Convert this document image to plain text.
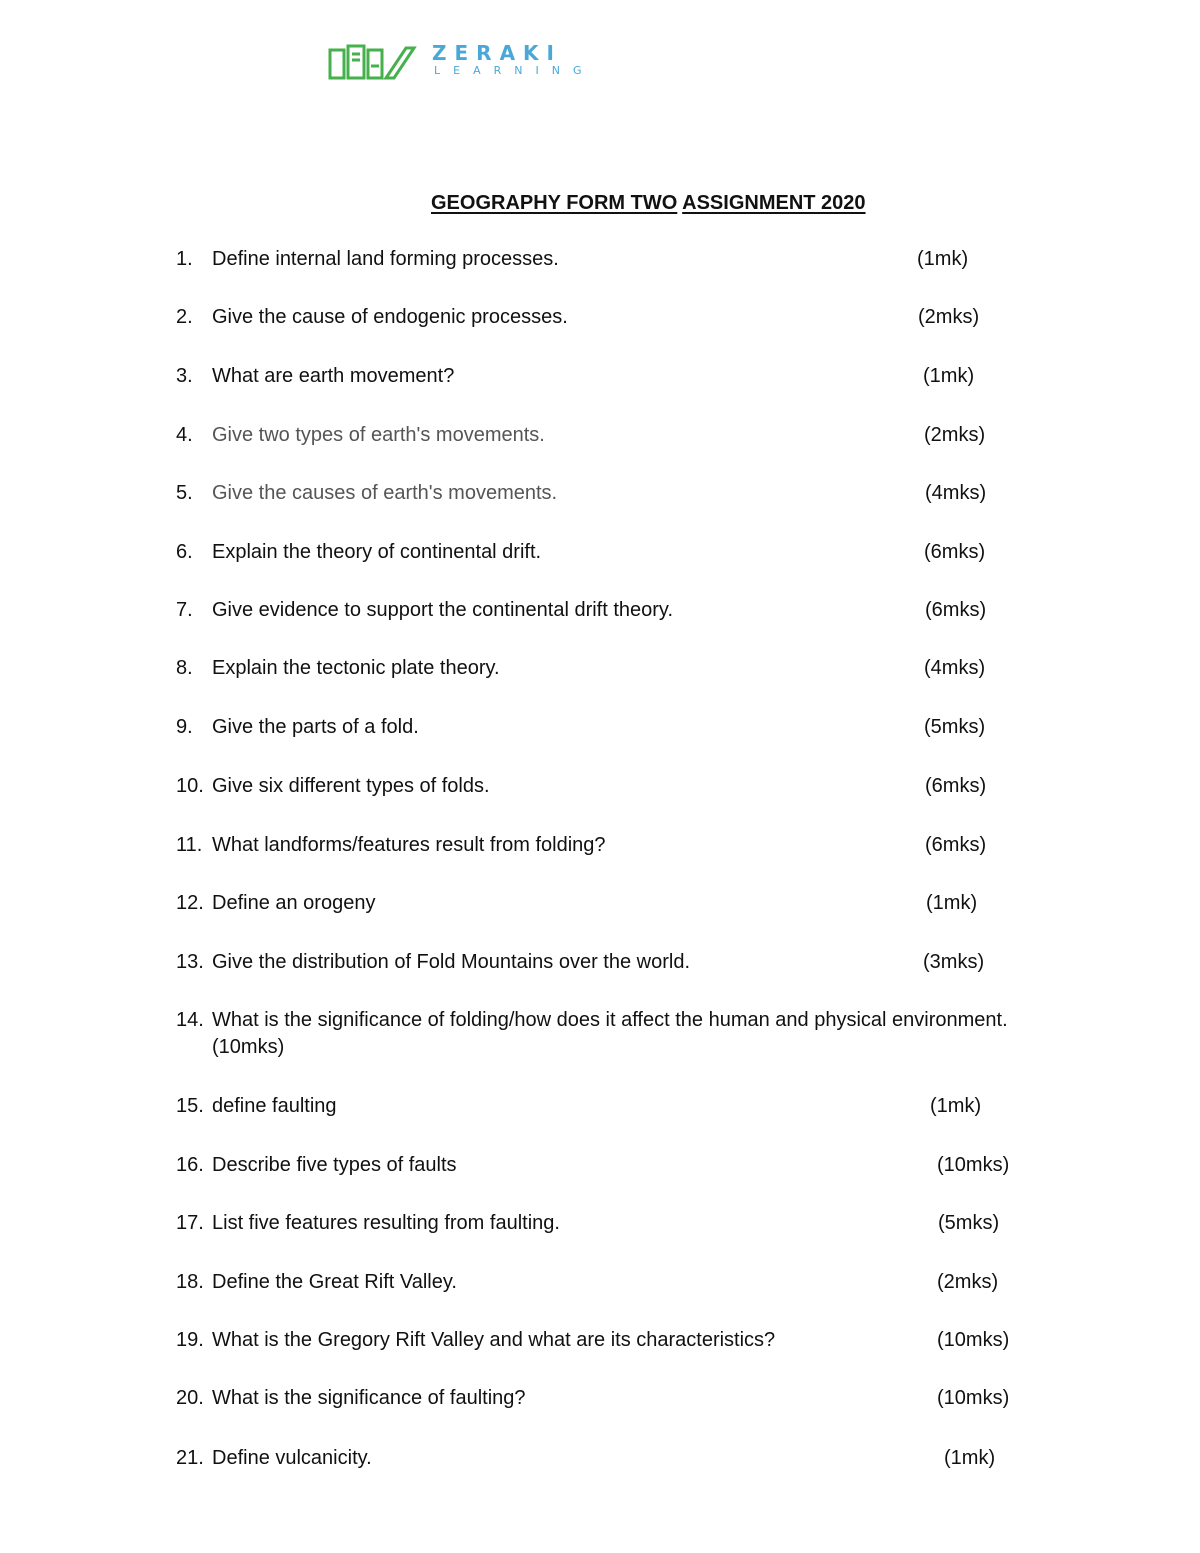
ZERAKI
LEARNING
GEOGRAPHY FORM TWO ASSIGNMENT 2020
1. Define internal land forming processes.	(1mk)
2. Give the cause of endogenic processes.	(2mks)
3. What are earth movement?	(1mk)
4. Give two types of earth's movements.	(2mks)
5. Give the causes of earth's movements.	(4mks)
6. Explain the theory of continental drift.	(6mks)
7. Give evidence to support the continental drift theory.	(6mks)
8. Explain the tectonic plate theory.	(4mks)
9. Give the parts of a fold.	(5mks)
10. Give six different types of folds.	(6mks)
11. What landforms/features result from folding?	(6mks)
12. Define an orogeny	(1mk)
13. Give the distribution of Fold Mountains over the world.	(3mks)
14. What is the significance of folding/how does it affect the human and physical environment.
(10mks)
15. define faulting	(1mk)
16. Describe five types of faults	(10mks)
17. List five features resulting from faulting.	(5mks)
18. Define the Great Rift Valley.	(2mks)
19. What is the Gregory Rift Valley and what are its characteristics?	(10mks)
20. What is the significance of faulting?	(10mks)
21. Define vulcanicity.	(1mk)
